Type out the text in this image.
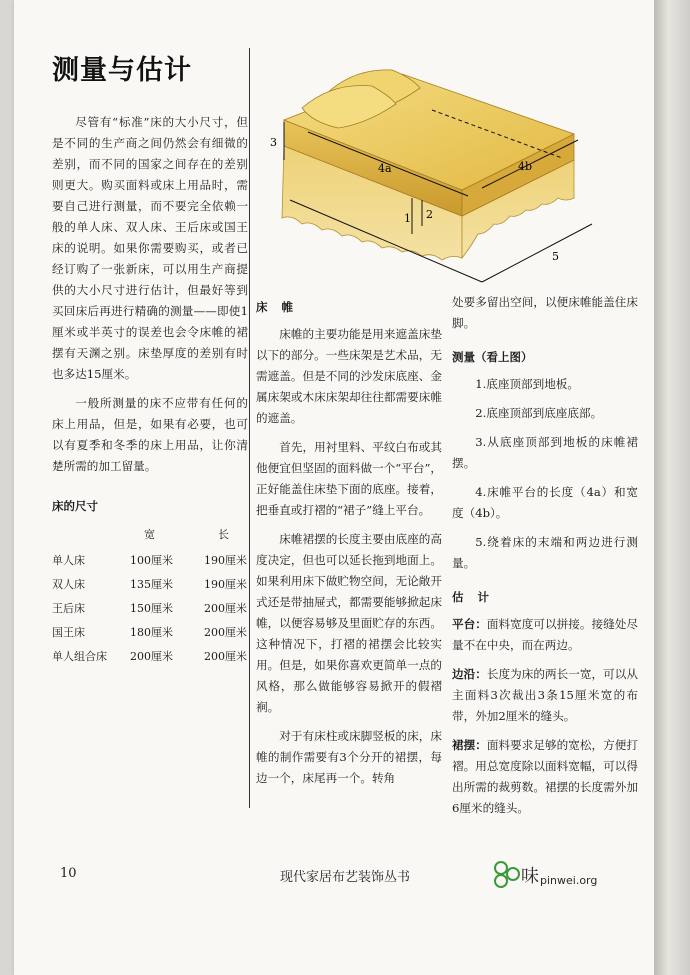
测量与估计

尽管有“标准”床的大小尺寸，但是不同的生产商之间仍然会有细微的差别，而不同的国家之间存在的差别则更大。购买面料或床上用品时，需要自己进行测量，而不要完全依赖一般的单人床、双人床、王后床或国王床的说明。如果你需要购买，或者已经订购了一张新床，可以用生产商提供的大小尺寸进行估计，但最好等到买回床后再进行精确的测量——即使1厘米或半英寸的误差也会令床帷的裙摆有天渊之别。床垫厚度的差别有时也多达15厘米。

一般所测量的床不应带有任何的床上用品，但是，如果有必要，也可以有夏季和冬季的床上用品，让你清楚所需的加工留量。

床的尺寸
	宽	长
单人床	100厘米	190厘米
双人床	135厘米	190厘米
王后床	150厘米	200厘米
国王床	180厘米	200厘米
单人组合床	200厘米	200厘米
3
4a	4b
1 2
5
床帷

床帷的主要功能是用来遮盖床垫以下的部分。一些床架是艺术品，无需遮盖。但是不同的沙发床底座、金属床架或木床床架却往往都需要床帷的遮盖。

首先，用衬里料、平纹白布或其他便宜但坚固的面料做一个“平台”，正好能盖住床垫下面的底座。接着，把垂直或打褶的“裙子”缝上平台。

床帷裙摆的长度主要由底座的高度决定，但也可以延长拖到地面上。如果利用床下做贮物空间，无论敞开式还是带抽屉式，都需要能够掀起床帷，以便容易够及里面贮存的东西。这种情况下，打褶的裙摆会比较实用。但是，如果你喜欢更简单一点的风格，那么做能够容易掀开的假褶裥。

对于有床柱或床脚竖板的床，床帷的制作需要有3个分开的裙摆，每边一个，床尾再一个。转角

处要多留出空间，以便床帷能盖住床脚。

测量（看上图）

1.底座顶部到地板。

2.底座顶部到底座底部。

3.从底座顶部到地板的床帷裙摆。

4.床帷平台的长度（4a）和宽度（4b）。

5.绕着床的末端和两边进行测量。

估计

平台：面料宽度可以拼接。接缝处尽量不在中央，而在两边。

边沿：长度为床的两长一宽，可以从主面料3次裁出3条15厘米宽的布带，外加2厘米的缝头。

裙摆：面料要求足够的宽松，方便打褶。用总宽度除以面料宽幅，可以得出所需的裁剪数。裙摆的长度需外加6厘米的缝头。

10	现代家居布艺装饰丛书	味 pinwei.org
